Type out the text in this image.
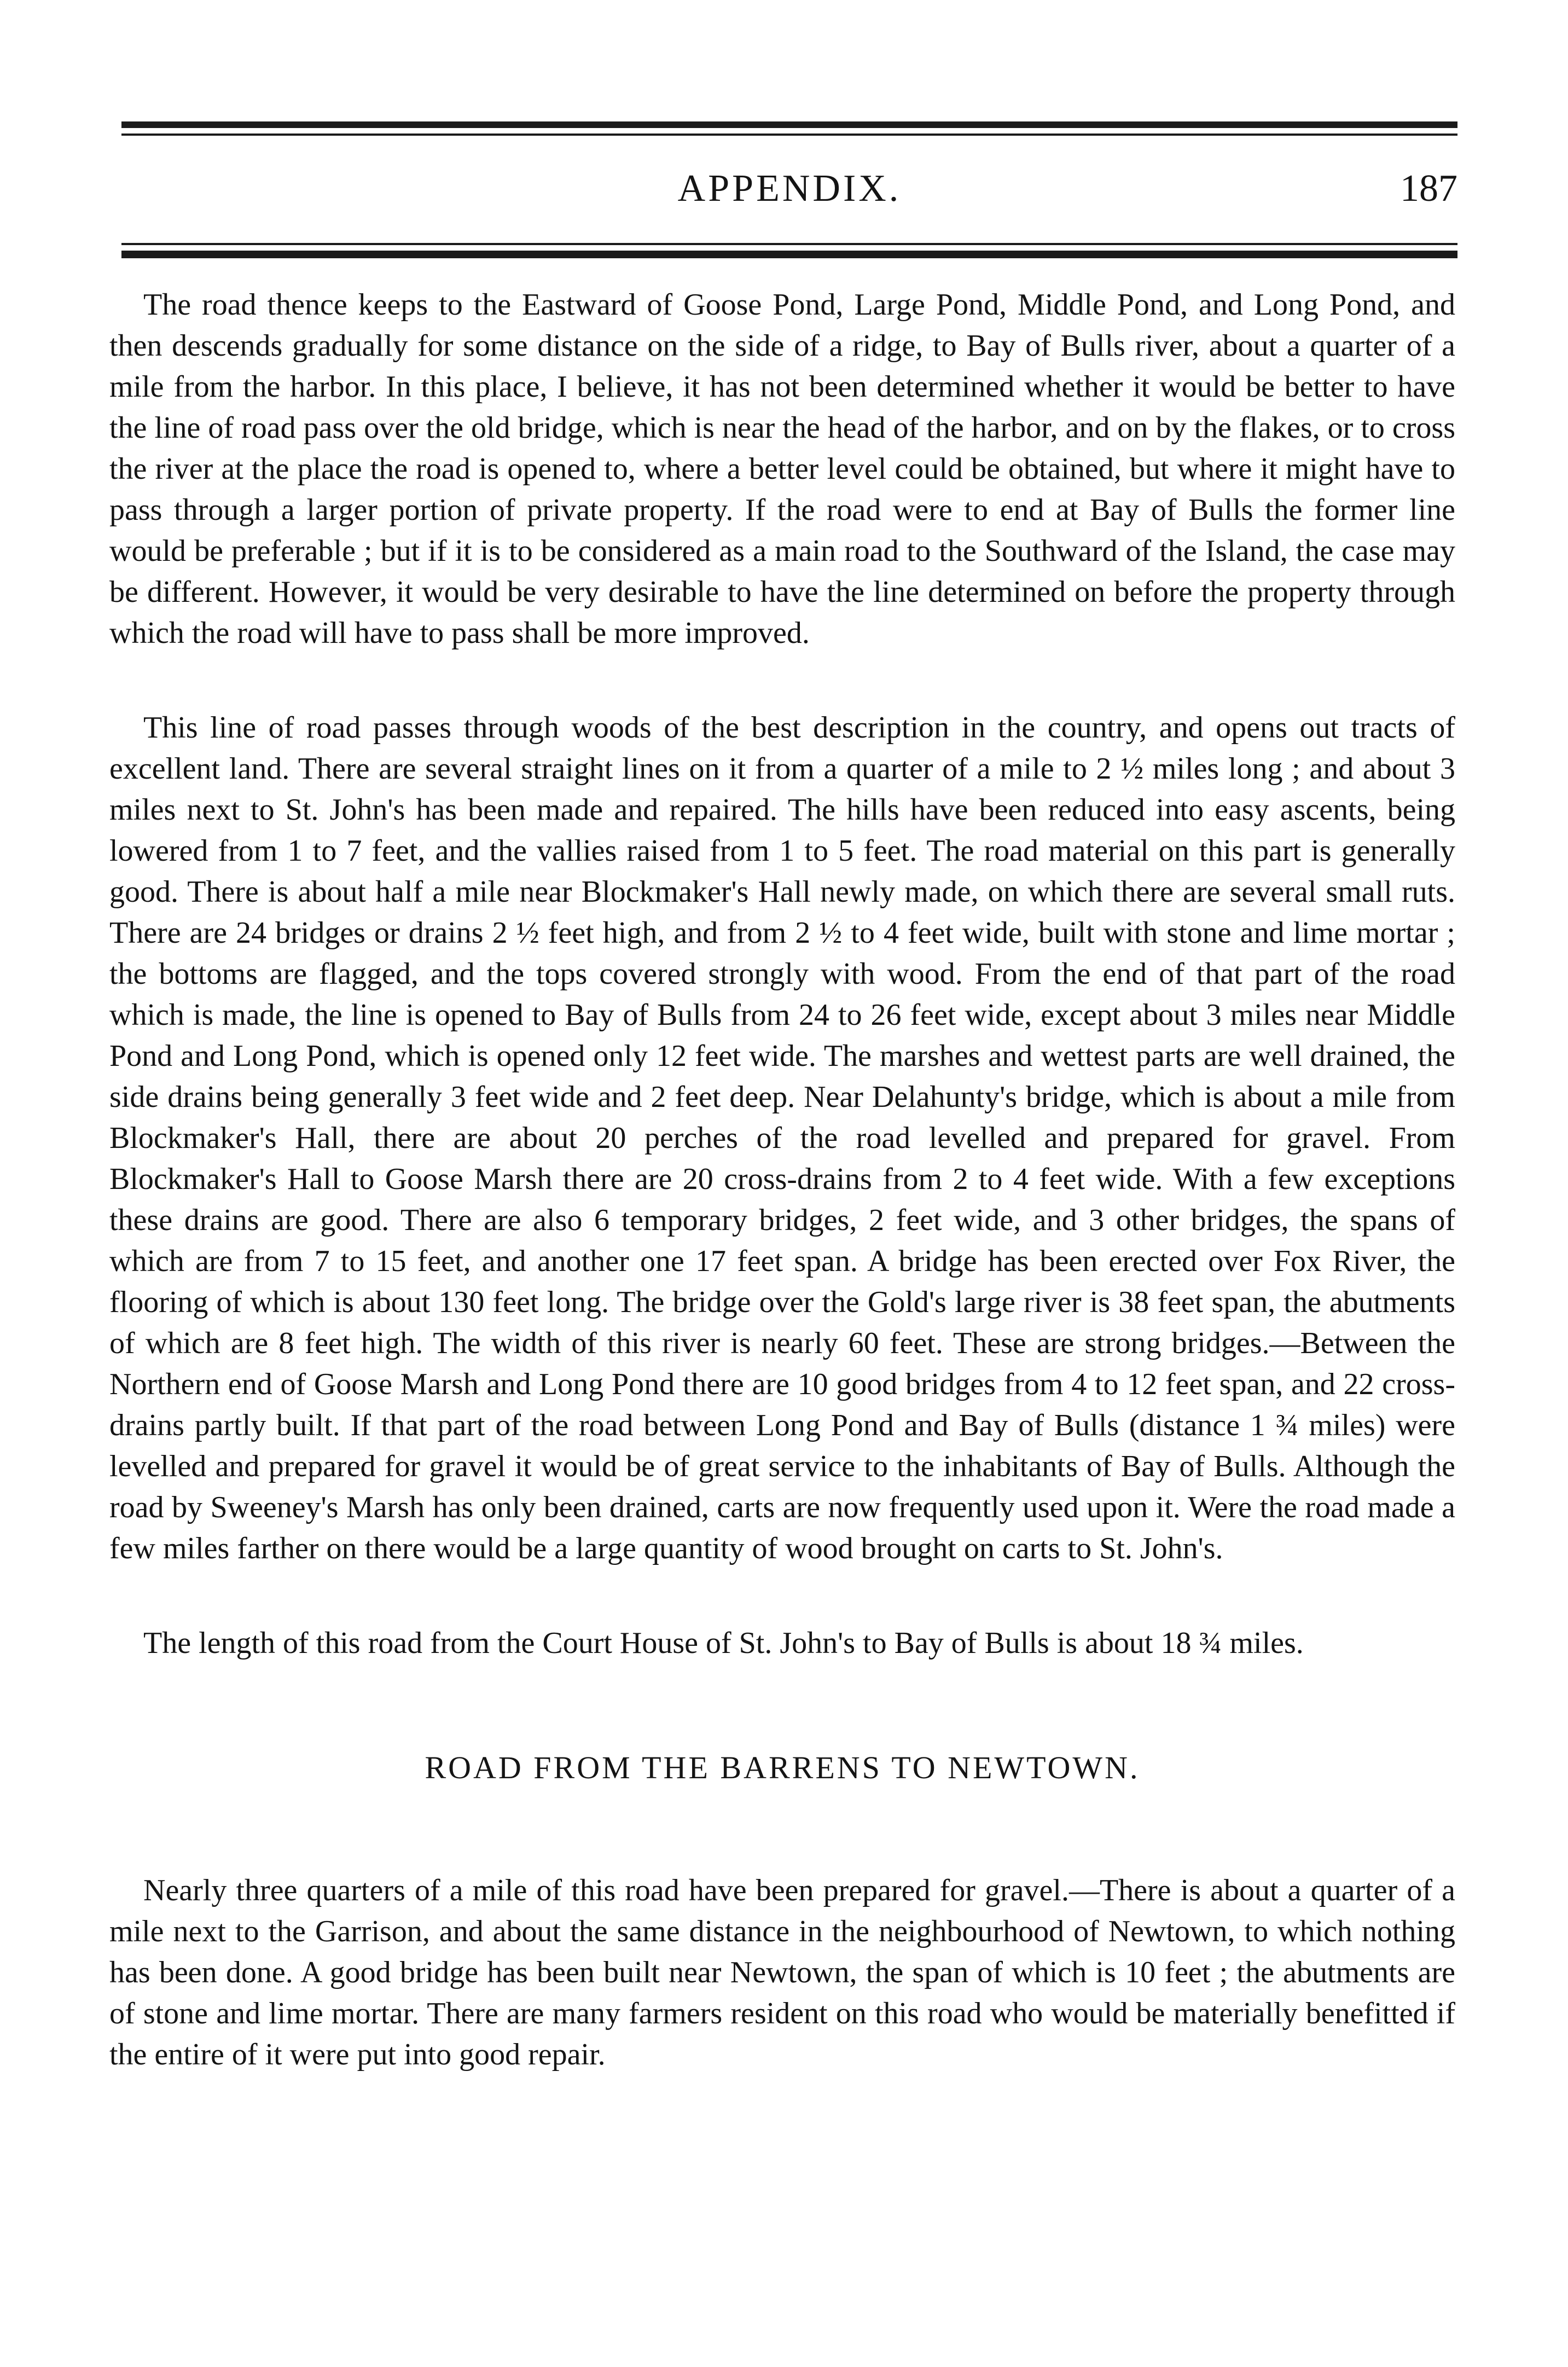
APPENDIX.	187

The road thence keeps to the Eastward of Goose Pond, Large Pond, Middle Pond, and Long Pond, and then descends gradually for some distance on the side of a ridge, to Bay of Bulls river, about a quarter of a mile from the harbor. In this place, I believe, it has not been determined whether it would be better to have the line of road pass over the old bridge, which is near the head of the harbor, and on by the flakes, or to cross the river at the place the road is opened to, where a better level could be obtained, but where it might have to pass through a larger portion of private property. If the road were to end at Bay of Bulls the former line would be preferable ; but if it is to be considered as a main road to the Southward of the Island, the case may be different. However, it would be very desirable to have the line determined on before the property through which the road will have to pass shall be more improved.

This line of road passes through woods of the best description in the country, and opens out tracts of excellent land. There are several straight lines on it from a quarter of a mile to 2 ½ miles long ; and about 3 miles next to St. John's has been made and repaired. The hills have been reduced into easy ascents, being lowered from 1 to 7 feet, and the vallies raised from 1 to 5 feet. The road material on this part is generally good. There is about half a mile near Blockmaker's Hall newly made, on which there are several small ruts. There are 24 bridges or drains 2 ½ feet high, and from 2 ½ to 4 feet wide, built with stone and lime mortar ; the bottoms are flagged, and the tops covered strongly with wood. From the end of that part of the road which is made, the line is opened to Bay of Bulls from 24 to 26 feet wide, except about 3 miles near Middle Pond and Long Pond, which is opened only 12 feet wide. The marshes and wettest parts are well drained, the side drains being generally 3 feet wide and 2 feet deep. Near Delahunty's bridge, which is about a mile from Blockmaker's Hall, there are about 20 perches of the road levelled and prepared for gravel. From Blockmaker's Hall to Goose Marsh there are 20 cross-drains from 2 to 4 feet wide. With a few exceptions these drains are good. There are also 6 temporary bridges, 2 feet wide, and 3 other bridges, the spans of which are from 7 to 15 feet, and another one 17 feet span. A bridge has been erected over Fox River, the flooring of which is about 130 feet long. The bridge over the Gold's large river is 38 feet span, the abutments of which are 8 feet high. The width of this river is nearly 60 feet. These are strong bridges.—Between the Northern end of Goose Marsh and Long Pond there are 10 good bridges from 4 to 12 feet span, and 22 cross-drains partly built. If that part of the road between Long Pond and Bay of Bulls (distance 1 ¾ miles) were levelled and prepared for gravel it would be of great service to the inhabitants of Bay of Bulls. Although the road by Sweeney's Marsh has only been drained, carts are now frequently used upon it. Were the road made a few miles farther on there would be a large quantity of wood brought on carts to St. John's.

The length of this road from the Court House of St. John's to Bay of Bulls is about 18 ¾ miles.

ROAD FROM THE BARRENS TO NEWTOWN.

Nearly three quarters of a mile of this road have been prepared for gravel.—There is about a quarter of a mile next to the Garrison, and about the same distance in the neighbourhood of Newtown, to which nothing has been done. A good bridge has been built near Newtown, the span of which is 10 feet ; the abutments are of stone and lime mortar. There are many farmers resident on this road who would be materially benefitted if the entire of it were put into good repair.
